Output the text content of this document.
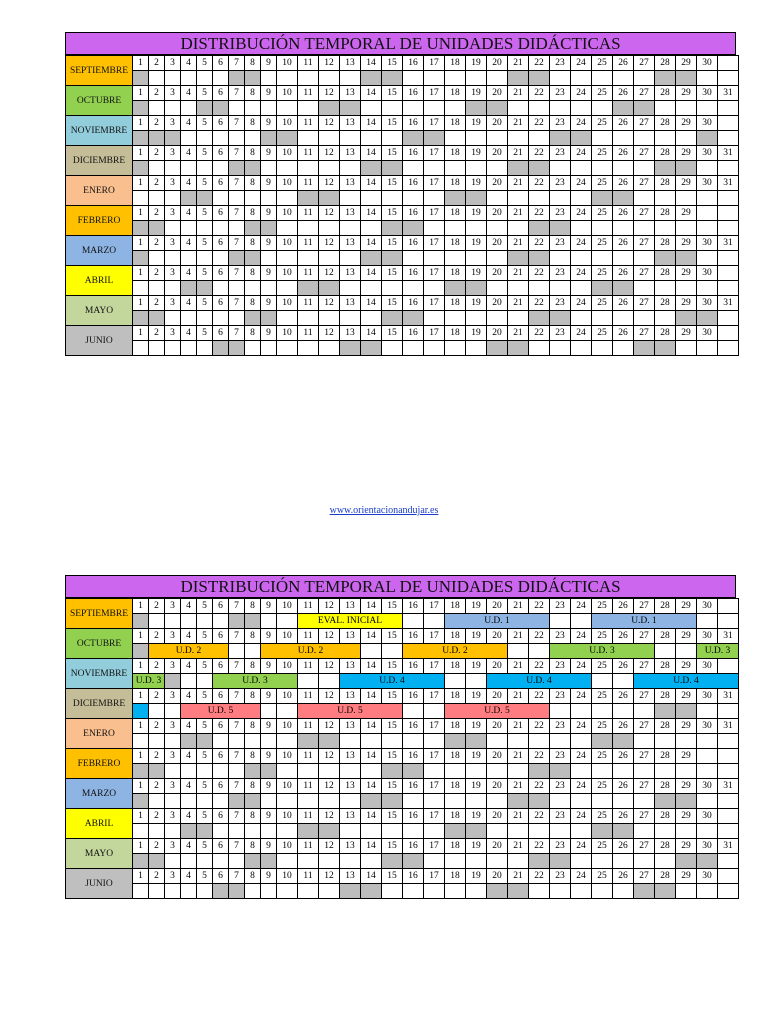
DISTRIBUCIÓN TEMPORAL DE UNIDADES DIDÁCTICAS
SEPTIEMBRE	1	2	3	4	5	6	7	8	9	10	11	12	13	14	15	16	17	18	19	20	21	22	23	24	25	26	27	28	29	30	

OCTUBRE	1	2	3	4	5	6	7	8	9	10	11	12	13	14	15	16	17	18	19	20	21	22	23	24	25	26	27	28	29	30	31

NOVIEMBRE	1	2	3	4	5	6	7	8	9	10	11	12	13	14	15	16	17	18	19	20	21	22	23	24	25	26	27	28	29	30	

DICIEMBRE	1	2	3	4	5	6	7	8	9	10	11	12	13	14	15	16	17	18	19	20	21	22	23	24	25	26	27	28	29	30	31

ENERO	1	2	3	4	5	6	7	8	9	10	11	12	13	14	15	16	17	18	19	20	21	22	23	24	25	26	27	28	29	30	31

FEBRERO	1	2	3	4	5	6	7	8	9	10	11	12	13	14	15	16	17	18	19	20	21	22	23	24	25	26	27	28	29		

MARZO	1	2	3	4	5	6	7	8	9	10	11	12	13	14	15	16	17	18	19	20	21	22	23	24	25	26	27	28	29	30	31

ABRIL	1	2	3	4	5	6	7	8	9	10	11	12	13	14	15	16	17	18	19	20	21	22	23	24	25	26	27	28	29	30	

MAYO	1	2	3	4	5	6	7	8	9	10	11	12	13	14	15	16	17	18	19	20	21	22	23	24	25	26	27	28	29	30	31

JUNIO	1	2	3	4	5	6	7	8	9	10	11	12	13	14	15	16	17	18	19	20	21	22	23	24	25	26	27	28	29	30	

www.orientacionandujar.es
DISTRIBUCIÓN TEMPORAL DE UNIDADES DIDÁCTICAS
SEPTIEMBRE	1	2	3	4	5	6	7	8	9	10	11	12	13	14	15	16	17	18	19	20	21	22	23	24	25	26	27	28	29	30	
											EVAL. INICIAL							U.D. 1							U.D. 1						
OCTUBRE	1	2	3	4	5	6	7	8	9	10	11	12	13	14	15	16	17	18	19	20	21	22	23	24	25	26	27	28	29	30	31
		U.D. 2							U.D. 2							U.D. 2							U.D. 3							U.D. 3	
NOVIEMBRE	1	2	3	4	5	6	7	8	9	10	11	12	13	14	15	16	17	18	19	20	21	22	23	24	25	26	27	28	29	30	
	U.D. 3					U.D. 3							U.D. 4							U.D. 4							U.D. 4				
DICIEMBRE	1	2	3	4	5	6	7	8	9	10	11	12	13	14	15	16	17	18	19	20	21	22	23	24	25	26	27	28	29	30	31
				U.D. 5							U.D. 5							U.D. 5													
ENERO	1	2	3	4	5	6	7	8	9	10	11	12	13	14	15	16	17	18	19	20	21	22	23	24	25	26	27	28	29	30	31

FEBRERO	1	2	3	4	5	6	7	8	9	10	11	12	13	14	15	16	17	18	19	20	21	22	23	24	25	26	27	28	29		

MARZO	1	2	3	4	5	6	7	8	9	10	11	12	13	14	15	16	17	18	19	20	21	22	23	24	25	26	27	28	29	30	31

ABRIL	1	2	3	4	5	6	7	8	9	10	11	12	13	14	15	16	17	18	19	20	21	22	23	24	25	26	27	28	29	30	

MAYO	1	2	3	4	5	6	7	8	9	10	11	12	13	14	15	16	17	18	19	20	21	22	23	24	25	26	27	28	29	30	31

JUNIO	1	2	3	4	5	6	7	8	9	10	11	12	13	14	15	16	17	18	19	20	21	22	23	24	25	26	27	28	29	30	
